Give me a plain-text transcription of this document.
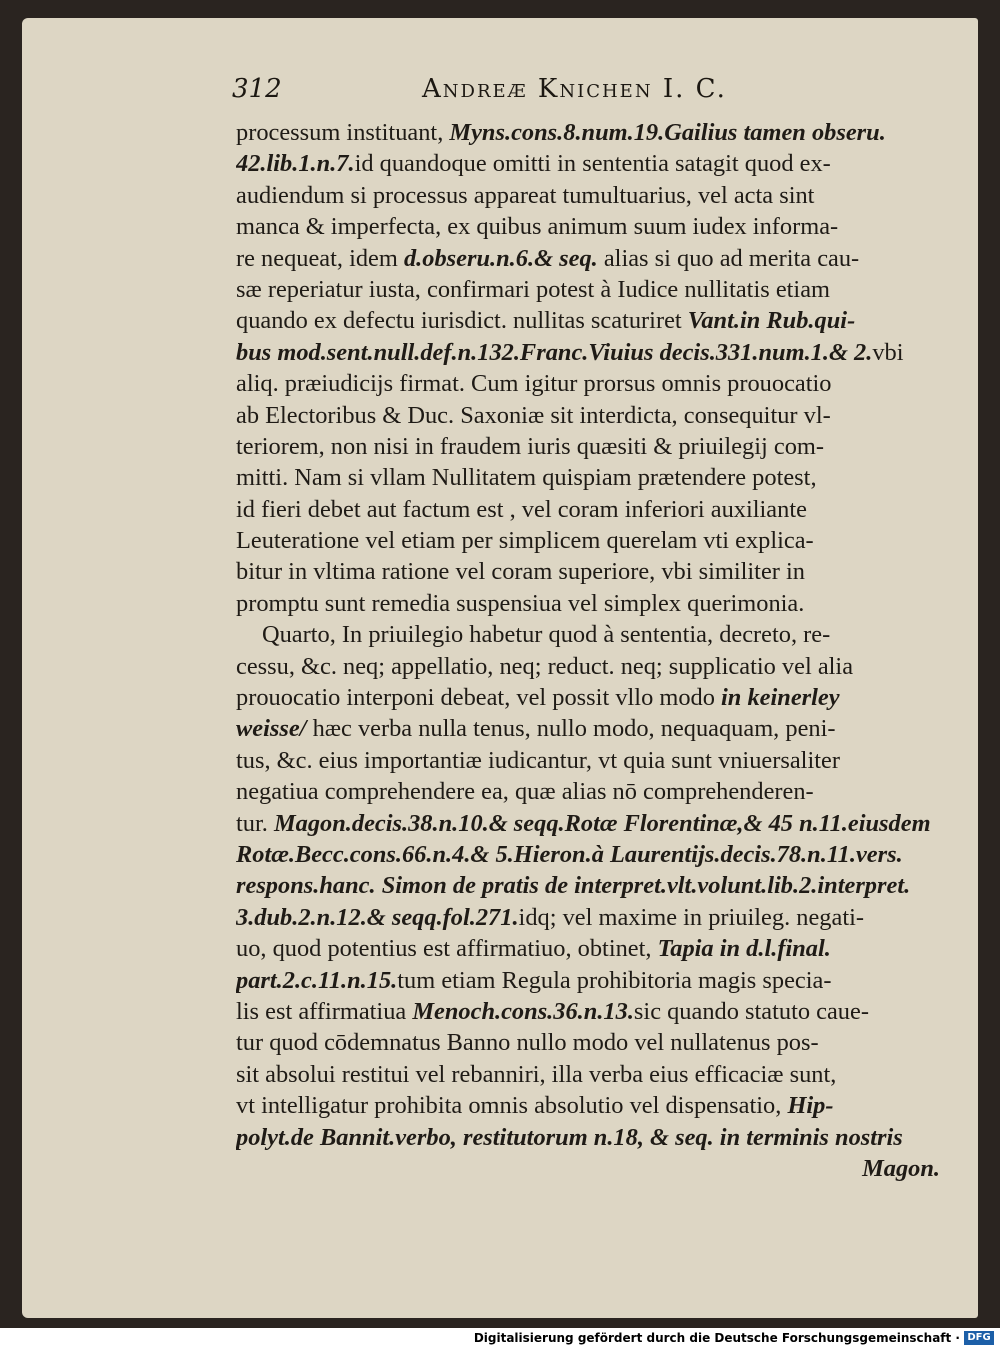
312	Andreæ Knichen I. C.
processum instituant, Myns.cons.8.num.19.Gailius tamen obseru.
42.lib.1.n.7.id quandoque omitti in sententia satagit quod ex-
audiendum si processus appareat tumultuarius, vel acta sint
manca & imperfecta, ex quibus animum suum iudex informa-
re nequeat, idem d.obseru.n.6.& seq. alias si quo ad merita cau-
sæ reperiatur iusta, confirmari potest à Iudice nullitatis etiam
quando ex defectu iurisdict. nullitas scaturiret Vant.in Rub.qui-
bus mod.sent.null.def.n.132.Franc.Viuius decis.331.num.1.& 2.vbi
aliq. præiudicijs firmat. Cum igitur prorsus omnis prouocatio
ab Electoribus & Duc. Saxoniæ sit interdicta, consequitur vl-
teriorem, non nisi in fraudem iuris quæsiti & priuilegij com-
mitti. Nam si vllam Nullitatem quispiam prætendere potest,
id fieri debet aut factum est , vel coram inferiori auxiliante
Leuteratione vel etiam per simplicem querelam vti explica-
bitur in vltima ratione vel coram superiore, vbi similiter in
promptu sunt remedia suspensiua vel simplex querimonia.
Quarto, In priuilegio habetur quod à sententia, decreto, re-
cessu, &c. neq; appellatio, neq; reduct. neq; supplicatio vel alia
prouocatio interponi debeat, vel possit vllo modo in keinerley
weisse/ hæc verba nulla tenus, nullo modo, nequaquam, peni-
tus, &c. eius importantiæ iudicantur, vt quia sunt vniuersaliter
negatiua comprehendere ea, quæ alias nō comprehenderen-
tur. Magon.decis.38.n.10.& seqq.Rotæ Florentinæ,& 45 n.11.eiusdem
Rotæ.Becc.cons.66.n.4.& 5.Hieron.à Laurentijs.decis.78.n.11.vers.
respons.hanc. Simon de pratis de interpret.vlt.volunt.lib.2.interpret.
3.dub.2.n.12.& seqq.fol.271.idq; vel maxime in priuileg. negati-
uo, quod potentius est affirmatiuo, obtinet, Tapia in d.l.final.
part.2.c.11.n.15.tum etiam Regula prohibitoria magis specia-
lis est affirmatiua Menoch.cons.36.n.13.sic quando statuto caue-
tur quod cōdemnatus Banno nullo modo vel nullatenus pos-
sit absolui restitui vel rebanniri, illa verba eius efficaciæ sunt,
vt intelligatur prohibita omnis absolutio vel dispensatio, Hip-
polyt.de Bannit.verbo, restitutorum n.18, & seq. in terminis nostris
Magon.
Digitalisierung gefördert durch die Deutsche Forschungsgemeinschaft · DFG
